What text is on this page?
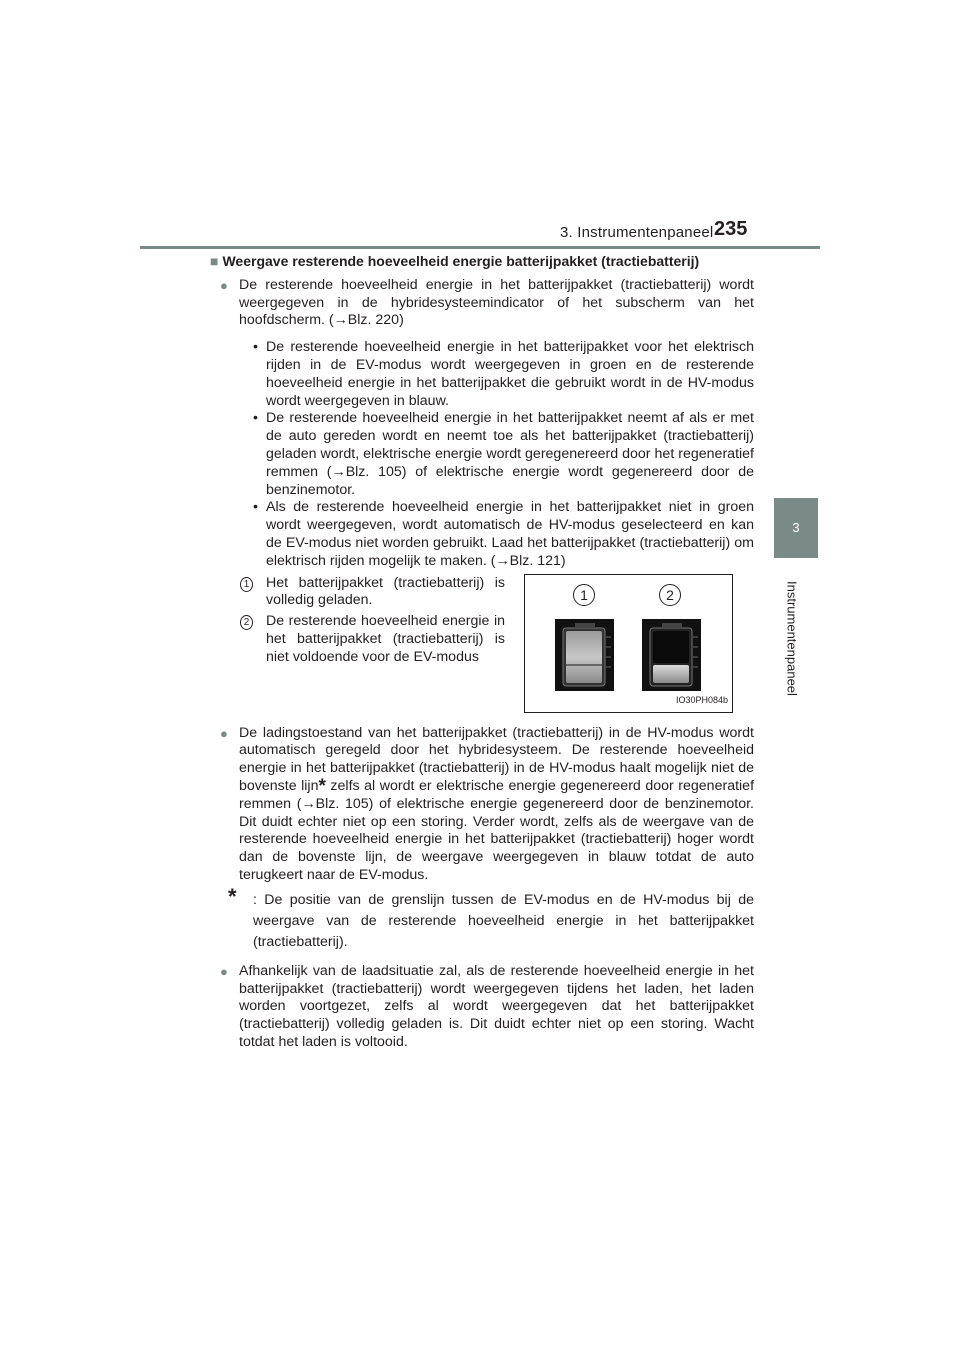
3. Instrumentenpaneel 235
3
Instrumentenpaneel
■ Weergave resterende hoeveelheid energie batterijpakket (tractiebatterij)
● De resterende hoeveelheid energie in het batterijpakket (tractiebatterij) wordt weergegeven in de hybridesysteemindicator of het subscherm van het hoofdscherm. (→Blz. 220)
• De resterende hoeveelheid energie in het batterijpakket voor het elektrisch rijden in de EV-modus wordt weergegeven in groen en de resterende hoeveelheid energie in het batterijpakket die gebruikt wordt in de HV-modus wordt weergegeven in blauw.
• De resterende hoeveelheid energie in het batterijpakket neemt af als er met de auto gereden wordt en neemt toe als het batterijpakket (tractiebatterij) geladen wordt, elektrische energie wordt geregenereerd door het regeneratief remmen (→Blz. 105) of elektrische energie wordt gegenereerd door de benzinemotor.
• Als de resterende hoeveelheid energie in het batterijpakket niet in groen wordt weergegeven, wordt automatisch de HV-modus geselecteerd en kan de EV-modus niet worden gebruikt. Laad het batterijpakket (tractiebatterij) om elektrisch rijden mogelijk te maken. (→Blz. 121)
1 Het batterijpakket (tractiebatterij) is volledig geladen.
2 De resterende hoeveelheid energie in het batterijpakket (tractiebatterij) is niet voldoende voor de EV-modus
1	2
IO30PH084b
● De ladingstoestand van het batterijpakket (tractiebatterij) in de HV-modus wordt automatisch geregeld door het hybridesysteem. De resterende hoeveelheid energie in het batterijpakket (tractiebatterij) in de HV-modus haalt mogelijk niet de bovenste lijn* zelfs al wordt er elektrische energie gegenereerd door regeneratief remmen (→Blz. 105) of elektrische energie gegenereerd door de benzinemotor. Dit duidt echter niet op een storing. Verder wordt, zelfs als de weergave van de resterende hoeveelheid energie in het batterijpakket (tractiebatterij) hoger wordt dan de bovenste lijn, de weergave weergegeven in blauw totdat de auto terugkeert naar de EV-modus.
* : De positie van de grenslijn tussen de EV-modus en de HV-modus bij de weergave van de resterende hoeveelheid energie in het batterijpakket (tractiebatterij).
● Afhankelijk van de laadsituatie zal, als de resterende hoeveelheid energie in het batterijpakket (tractiebatterij) wordt weergegeven tijdens het laden, het laden worden voortgezet, zelfs al wordt weergegeven dat het batterijpakket (tractiebatterij) volledig geladen is. Dit duidt echter niet op een storing. Wacht totdat het laden is voltooid.
